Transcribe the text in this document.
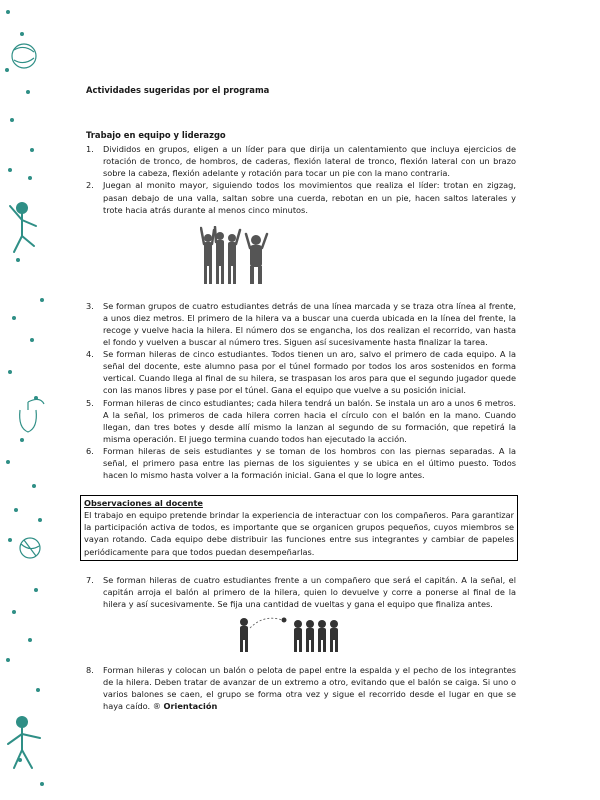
Actividades sugeridas por el programa
Trabajo en equipo y liderazgo
1. Divididos en grupos, eligen a un líder para que dirija un calentamiento que incluya ejercicios de rotación de tronco, de hombros, de caderas, flexión lateral de tronco, flexión lateral con un brazo sobre la cabeza, flexión adelante y rotación para tocar un pie con la mano contraria.
2. Juegan al monito mayor, siguiendo todos los movimientos que realiza el líder: trotan en zigzag, pasan debajo de una valla, saltan sobre una cuerda, rebotan en un pie, hacen saltos laterales y trote hacia atrás durante al menos cinco minutos.
3. Se forman grupos de cuatro estudiantes detrás de una línea marcada y se traza otra línea al frente, a unos diez metros. El primero de la hilera va a buscar una cuerda ubicada en la línea del frente, la recoge y vuelve hacia la hilera. El número dos se engancha, los dos realizan el recorrido, van hasta el fondo y vuelven a buscar al número tres. Siguen así sucesivamente hasta finalizar la tarea.
4. Se forman hileras de cinco estudiantes. Todos tienen un aro, salvo el primero de cada equipo. A la señal del docente, este alumno pasa por el túnel formado por todos los aros sostenidos en forma vertical. Cuando llega al final de su hilera, se traspasan los aros para que el segundo jugador quede con las manos libres y pase por el túnel. Gana el equipo que vuelve a su posición inicial.
5. Forman hileras de cinco estudiantes; cada hilera tendrá un balón. Se instala un aro a unos 6 metros. A la señal, los primeros de cada hilera corren hacia el círculo con el balón en la mano. Cuando llegan, dan tres botes y desde allí mismo la lanzan al segundo de su formación, que repetirá la misma operación. El juego termina cuando todos han ejecutado la acción.
6. Forman hileras de seis estudiantes y se toman de los hombros con las piernas separadas. A la señal, el primero pasa entre las piernas de los siguientes y se ubica en el último puesto. Todos hacen lo mismo hasta volver a la formación inicial. Gana el que lo logre antes.
Observaciones al docente
El trabajo en equipo pretende brindar la experiencia de interactuar con los compañeros. Para garantizar la participación activa de todos, es importante que se organicen grupos pequeños, cuyos miembros se vayan rotando. Cada equipo debe distribuir las funciones entre sus integrantes y cambiar de papeles periódicamente para que todos puedan desempeñarlas.
7. Se forman hileras de cuatro estudiantes frente a un compañero que será el capitán. A la señal, el capitán arroja el balón al primero de la hilera, quien lo devuelve y corre a ponerse al final de la hilera y así sucesivamente. Se fija una cantidad de vueltas y gana el equipo que finaliza antes.
8. Forman hileras y colocan un balón o pelota de papel entre la espalda y el pecho de los integrantes de la hilera. Deben tratar de avanzar de un extremo a otro, evitando que el balón se caiga. Si uno o varios balones se caen, el grupo se forma otra vez y sigue el recorrido desde el lugar en que se haya caído. ® Orientación
